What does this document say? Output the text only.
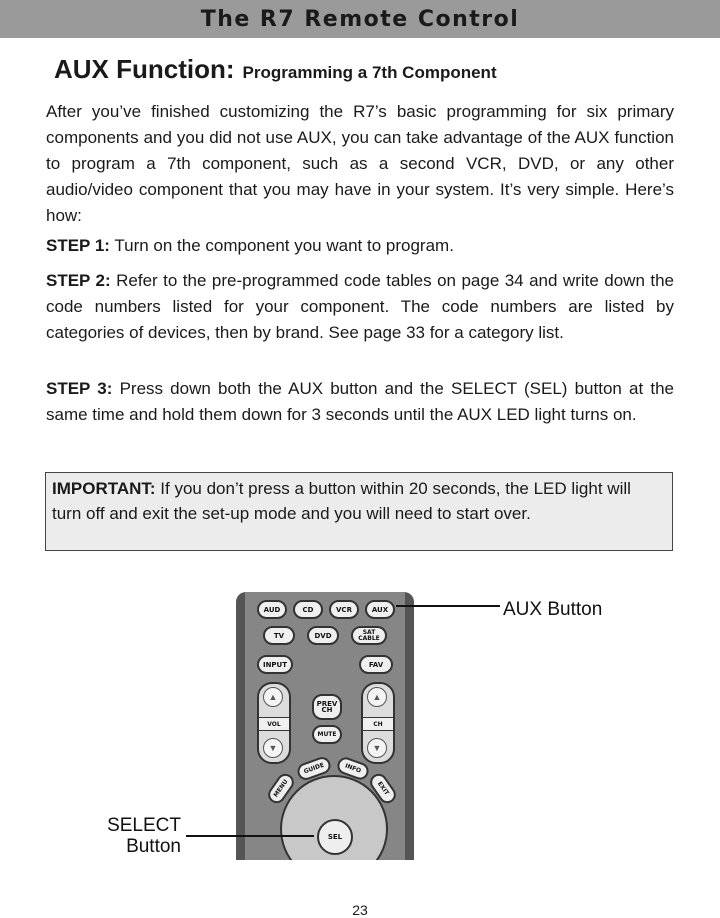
The R7 Remote Control
AUX Function: Programming a 7th Component

After you’ve finished customizing the R7’s basic programming for six primary components and you did not use AUX, you can take advantage of the AUX function to program a 7th component, such as a second VCR, DVD, or any other audio/video component that you may have in your system. It’s very simple. Here’s how:

STEP 1: Turn on the component you want to program.

STEP 2: Refer to the pre-programmed code tables on page 34 and write down the code numbers listed for your component. The code numbers are listed by categories of devices, then by brand. See page 33 for a category list.

STEP 3: Press down both the AUX button and the SELECT (SEL) button at the same time and hold them down for 3 seconds until the AUX LED light turns on.

IMPORTANT: If you don’t press a button within 20 seconds, the LED light will turn off and exit the set-up mode and you will need to start over.
AUD	CD	VCR	AUX
TV	DVD	SAT CABLE
INPUT	FAV
▲
VOL
▼
▲
CH
▼
PREV CH
MUTE
MENU
GUIDE	INFO
EXIT
SEL
AUX Button
SELECT
Button
23
